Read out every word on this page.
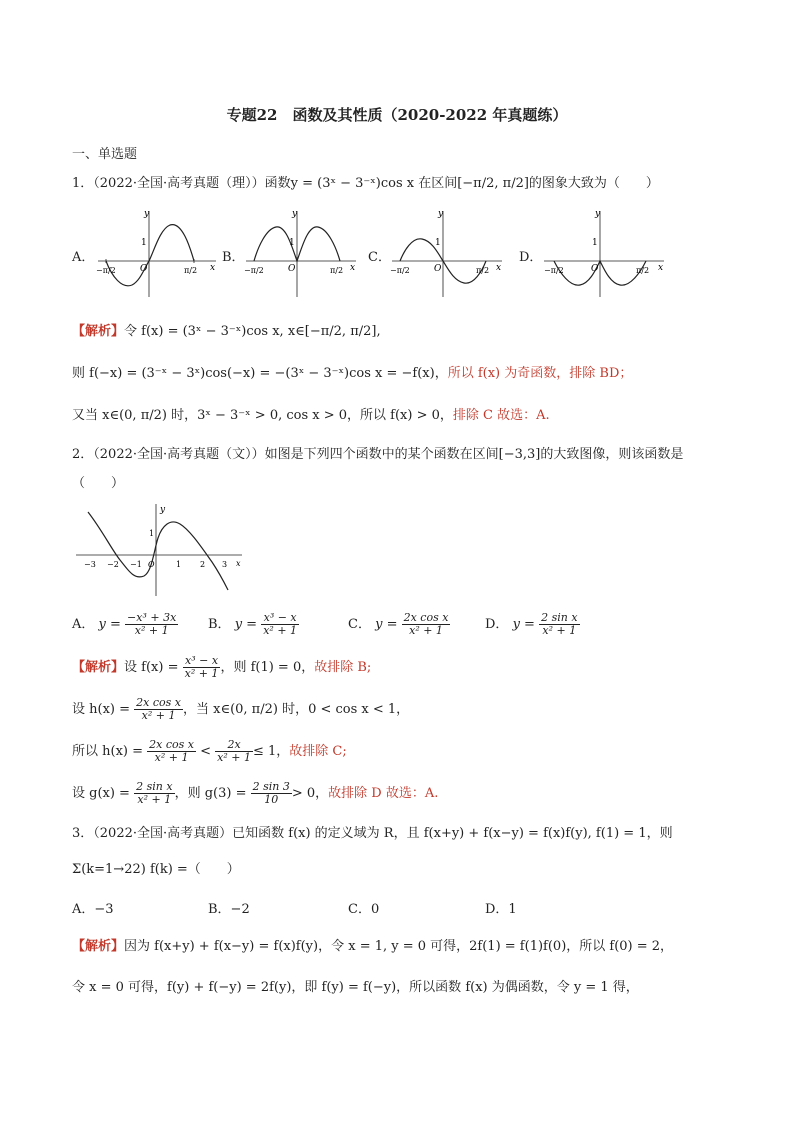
专题22　函数及其性质（2020-2022 年真题练）
一、单选题
1．（2022·全国·高考真题（理））函数y = (3ˣ − 3⁻ˣ)cos x 在区间[−π/2, π/2]的图象大致为（　　）
A．
y
x
O
1
−π/2	π/2
B．
y
x
O
1
−π/2	π/2
C．
y
x
O
1
−π/2	π/2
D．
y
x
O
1
−π/2	π/2
【解析】令 f(x) = (3ˣ − 3⁻ˣ)cos x, x∈[−π/2, π/2],
则 f(−x) = (3⁻ˣ − 3ˣ)cos(−x) = −(3ˣ − 3⁻ˣ)cos x = −f(x)，所以 f(x) 为奇函数，排除 BD；
又当 x∈(0, π/2) 时，3ˣ − 3⁻ˣ > 0, cos x > 0，所以 f(x) > 0，排除 C 故选：A.
2．（2022·全国·高考真题（文））如图是下列四个函数中的某个函数在区间[−3,3]的大致图像，则该函数是
（　　）
−3 −2 −1 O	1 2 3 x
y
1
A． $y = \frac{\text{−x³ + 3x}}{\text{x² + 1}}$ B． $y = \frac{\text{x³ − x}}{\text{x² + 1}}$	C． $y = \frac{\text{2x cos x}}{\text{x² + 1}}$	D． $y = \frac{\text{2 sin x}}{\text{x² + 1}}$
【解析】设 $f(x) = \frac{\text{x³ − x}}{\text{x² + 1}}$ ，则 f(1) = 0，故排除 B;
设 $h(x) = \frac{\text{2x cos x}}{\text{x² + 1}}$ ，当 x∈(0, π/2) 时，0 < cos x < 1，
所以 $h(x) = \frac{\text{2x cos x}}{\text{x² + 1}} < \frac{2x}{\text{x² + 1}} \le 1$，故排除 C;
设 $g(x) = \frac{\text{2 sin x}}{\text{x² + 1}}$ ，则 $g(3) = \frac{2 \sin 3}{10} > 0$，故排除 D 故选：A.
3．（2022·全国·高考真题）已知函数 f(x) 的定义域为 R，且 f(x+y) + f(x−y) = f(x)f(y), f(1) = 1，则
Σ(k=1→22) f(k) =（　　）
A．−3	B．−2	C．0	D．1
【解析】因为 f(x+y) + f(x−y) = f(x)f(y)，令 x = 1, y = 0 可得，2f(1) = f(1)f(0)，所以 f(0) = 2，
令 x = 0 可得，f(y) + f(−y) = 2f(y)，即 f(y) = f(−y)，所以函数 f(x) 为偶函数，令 y = 1 得，
